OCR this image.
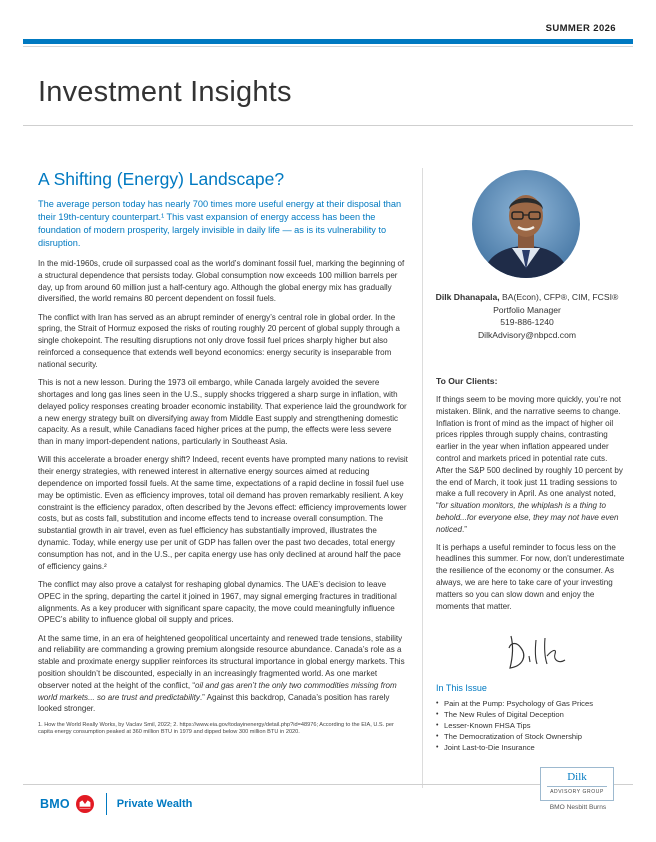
SUMMER 2026
Investment Insights
A Shifting (Energy) Landscape?

The average person today has nearly 700 times more useful energy at their disposal than their 19th-century counterpart.¹ This vast expansion of energy access has been the foundation of modern prosperity, largely invisible in daily life — as is its vulnerability to disruption.

In the mid-1960s, crude oil surpassed coal as the world’s dominant fossil fuel, marking the beginning of a structural dependence that persists today. Global consumption now exceeds 100 million barrels per day, up from around 60 million just a half-century ago. Although the global energy mix has gradually diversified, the world remains 80 percent dependent on fossil fuels.

The conflict with Iran has served as an abrupt reminder of energy’s central role in global order. In the spring, the Strait of Hormuz exposed the risks of routing roughly 20 percent of global supply through a single chokepoint. The resulting disruptions not only drove fossil fuel prices sharply higher but also reinforced a consequence that extends well beyond economics: energy security is inseparable from national security.

This is not a new lesson. During the 1973 oil embargo, while Canada largely avoided the severe shortages and long gas lines seen in the U.S., supply shocks triggered a sharp surge in inflation, with delayed policy responses creating broader economic instability. That experience laid the groundwork for a new energy strategy built on diversifying away from Middle East supply and strengthening domestic capacity. As a result, while Canadians faced higher prices at the pump, the effects were less severe than in many import-dependent nations, particularly in Southeast Asia.

Will this accelerate a broader energy shift? Indeed, recent events have prompted many nations to revisit their energy strategies, with renewed interest in alternative energy sources aimed at reducing dependence on imported fossil fuels. At the same time, expectations of a rapid decline in fossil fuel use may be optimistic. Even as efficiency improves, total oil demand has proven remarkably resilient. A key constraint is the efficiency paradox, often described by the Jevons effect: efficiency improvements lower costs, but as costs fall, substitution and income effects tend to increase overall consumption. The substantial growth in air travel, even as fuel efficiency has substantially improved, illustrates the dynamic. Today, while energy use per unit of GDP has fallen over the past two decades, total energy consumption has not, and in the U.S., per capita energy use has only declined at around half the pace of efficiency gains.²

The conflict may also prove a catalyst for reshaping global dynamics. The UAE’s decision to leave OPEC in the spring, departing the cartel it joined in 1967, may signal emerging fractures in traditional alignments. As a key producer with significant spare capacity, the move could meaningfully influence OPEC’s ability to influence global oil supply and prices.

At the same time, in an era of heightened geopolitical uncertainty and renewed trade tensions, stability and reliability are commanding a growing premium alongside resource abundance. Canada’s role as a stable and proximate energy supplier reinforces its structural importance in global energy markets. This position shouldn’t be discounted, especially in an increasingly fragmented world. As one market observer noted at the height of the conflict, “oil and gas aren’t the only two commodities missing from world markets... so are trust and predictability.” Against this backdrop, Canada’s position has rarely looked stronger.

1. How the World Really Works, by Vaclav Smil, 2022; 2. https://www.eia.gov/todayinenergy/detail.php?id=48976; According to the EIA, U.S. per capita energy consumption peaked at 360 million BTU in 1979 and dipped below 300 million BTU in 2020.

Dilk Dhanapala, BA(Econ), CFP®, CIM, FCSI®
Portfolio Manager
519-886-1240
DilkAdvisory@nbpcd.com
To Our Clients:

If things seem to be moving more quickly, you’re not mistaken. Blink, and the narrative seems to change. Inflation is front of mind as the impact of higher oil prices ripples through supply chains, contrasting earlier in the year when inflation appeared under control and markets priced in potential rate cuts. After the S&P 500 declined by roughly 10 percent by the end of March, it took just 11 trading sessions to make a full recovery in April. As one analyst noted, “for situation monitors, the whiplash is a thing to behold...for everyone else, they may not have even noticed.”

It is perhaps a useful reminder to focus less on the headlines this summer. For now, don’t underestimate the resilience of the economy or the consumer. As always, we are here to take care of your investing matters so you can slow down and enjoy the moments that matter.

In This Issue
• Pain at the Pump: Psychology of Gas Prices
• The New Rules of Digital Deception
• Lesser-Known FHSA Tips
• The Democratization of Stock Ownership
• Joint Last-to-Die Insurance
BMO	Private Wealth
Dilk
ADVISORY GROUP
BMO Nesbitt Burns
